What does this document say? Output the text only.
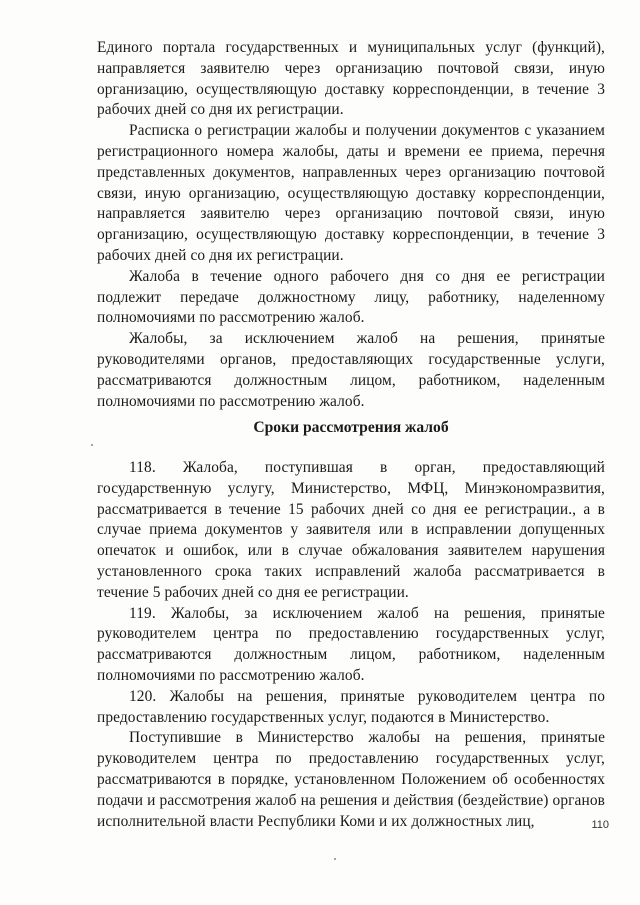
Единого портала государственных и муниципальных услуг (функций), направляется заявителю через организацию почтовой связи, иную организацию, осуществляющую доставку корреспонденции, в течение 3 рабочих дней со дня их регистрации.

Расписка о регистрации жалобы и получении документов с указанием регистрационного номера жалобы, даты и времени ее приема, перечня представленных документов, направленных через организацию почтовой связи, иную организацию, осуществляющую доставку корреспонденции, направляется заявителю через организацию почтовой связи, иную организацию, осуществляющую доставку корреспонденции, в течение 3 рабочих дней со дня их регистрации.

Жалоба в течение одного рабочего дня со дня ее регистрации подлежит передаче должностному лицу, работнику, наделенному полномочиями по рассмотрению жалоб.

Жалобы, за исключением жалоб на решения, принятые руководителями органов, предоставляющих государственные услуги, рассматриваются должностным лицом, работником, наделенным полномочиями по рассмотрению жалоб.

Сроки рассмотрения жалоб

118. Жалоба, поступившая в орган, предоставляющий государственную услугу, Министерство, МФЦ, Минэкономразвития, рассматривается в течение 15 рабочих дней со дня ее регистрации., а в случае приема документов у заявителя или в исправлении допущенных опечаток и ошибок, или в случае обжалования заявителем нарушения установленного срока таких исправлений жалоба рассматривается в течение 5 рабочих дней со дня ее регистрации.

119. Жалобы, за исключением жалоб на решения, принятые руководителем центра по предоставлению государственных услуг, рассматриваются должностным лицом, работником, наделенным полномочиями по рассмотрению жалоб.

120. Жалобы на решения, принятые руководителем центра по предоставлению государственных услуг, подаются в Министерство.

Поступившие в Министерство жалобы на решения, принятые руководителем центра по предоставлению государственных услуг, рассматриваются в порядке, установленном Положением об особенностях подачи и рассмотрения жалоб на решения и действия (бездействие) органов исполнительной власти Республики Коми и их должностных лиц,	110
